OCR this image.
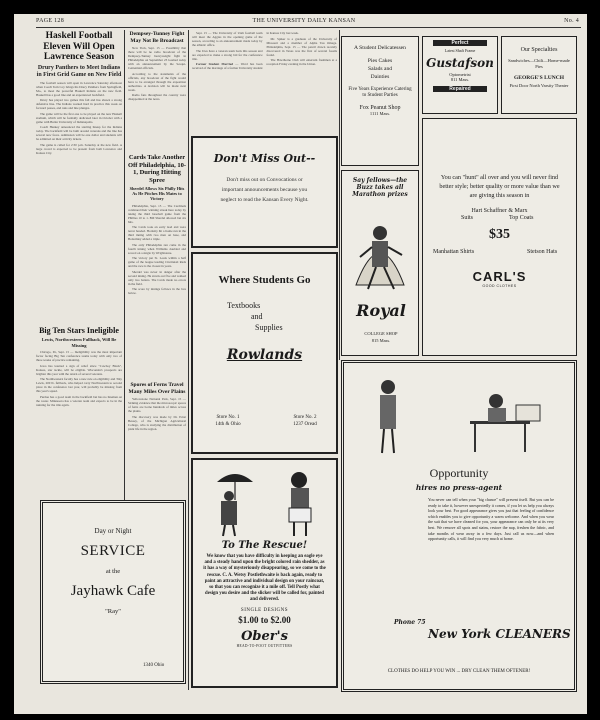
PAGE 128	THE UNIVERSITY DAILY KANSAN	No. 4
Haskell Football Eleven Will Open Lawrence Season
Drury Panthers to Meet Indians in First Grid Game on New Field

The football season will open in Lawrence Saturday afternoon when Coach Tom Coy brings his Drury Panthers from Springfield, Mo., to meet the powerful Haskell Indians on the new field. Haskell has a good line and an experienced backfield.

Drury has played two games this fall and has shown a strong defensive line. The Indians worked hard in practice this week on forward passes, end runs and line plunges.

The game will be the first one to be played on the new Haskell stadium, which will be formally dedicated later in October with a game with Butler University of Indianapolis.

Coach Hankey announced the starting lineup for the Indians today. The backfield will be built around veterans and the line has several new faces. Admission will be one dollar and students will be admitted on their activity tickets.

The game is called for 2:30 p.m. Saturday at the new field. A large crowd is expected to be present from both Lawrence and Kansas City.

Big Ten Stars Ineligible
Lewis, Northwestern Fullback, Will Be Missing

Chicago, Ill., Sept. 15 — Ineligibility was the most important factor facing Big Ten conference teams today with only two of three weeks of practice remaining.

Iowa has learned a sign of relief since "Cowboy Black", Kansas, star tackle, will be eligible. Wisconsin's prospects are brighter this year with the return of several veterans.

The Northwestern faculty has a new rule on eligibility and Tiny Lewis, 200 lb. fullback, who helped carry Northwestern to second place in the conference last year, will probably be missing from this year's squad.

Purdue has a good team in the backfield but has no linemen on the roster. Minnesota has a veteran team and expects to be in the running for the title again.

Dempsey-Tunney Fight May Not Be Broadcast

New York, Sept. 15 — Possibility that there will be no radio broadcast of the Dempsey-Tunney heavyweight fight in Philadelphia on September 23 loomed today with an announcement by the Sesqui-Centennial officials.

According to the statements of the officials, any broadcast of the fight would have to be arranged through the exposition authorities. A decision will be made next week.

Radio fans throughout the country were disappointed at the news.

Cards Take Another Off Philadelphia, 10-1, During Hitting Spree
Sherdel Allows Six Philly Hits As He Pitches His Mates to Victory

Philadelphia, Sept. 15 — The Cardinals continued their winning streak here today by taking the third baseball game from the Phillies 10 to 1. Bill Sherdel allowed but six hits.

The Cards took an early lead and were never headed. Hornsby hit a home run in the third inning with two men on base, and Bottomley added a triple.

The only Philadelphia run came in the fourth inning when Williams doubled and scored on a single by Wrightstone.

The victory put St. Louis within a half game of the league leading Cincinnati Reds and the race is the closest in years.

Sherdel was never in danger after the second inning. He struck out five and walked only two batters. The Cards made no errors in the field.

The score by innings follows in the box below.

Spores of Ferns Travel Many Miles Over Plains

Yellowstone National Park, Sept. 15 — Striking evidence that the microscopic spores of ferns are borne hundreds of miles across the plains.

The discovery was made by Dr. Ernst Bessey, of the Michigan Agricultural College, who is studying the distribution of plant life in the region.

Sept. 15 — The University of Utah football team will meet the Aggies in the opening game of the season, according to an announcement made today by the athletic office.

The Utes have a veteran team back this season and are expected to make a strong bid for the conference title.

Former Student Married — Word has been received of the marriage of a former University student in Kansas City last week.

Mr. Spiker is a graduate of the University of Missouri and a member of Alpha Tau Omega. Philadelphia, Sept. 15 — The pencil drawn recently discovered in Texas was the first of several fossils found.

The Hawthorne Club will entertain freshmen at a reception Friday evening in the Union.

Don't Miss Out--
Don't miss out on Convocations or important announcements because you neglect to read the Kansan Every Night.
Where Students Go
Textbooks
and
Supplies
Rowlands
Store No. 1
14th & Ohio
Store No. 2
1237 Oread
To The Rescue!
We know that you have difficulty in keeping an eagle eye and a steady hand upon the bright colored rain shedder, as it has a way of mysteriously disappearing, so we come to the rescue. C. A. Wetsy Postlethwaite is back again, ready to paint an attractive and individual design on your raincoat, so that you can recognize it a mile off. Tell Postly what design you desire and the slicker will be called for, painted and delivered.
SINGLE DESIGNS
$1.00 to $2.00
Ober's
HEAD-TO-FOOT OUTFITTERS
A Student Delicatessen
Pies Cakes Salads and Dainties
Five Years Experience Catering to Student Parties
Fox Peanut Shop
1111 Mass.
Perfect
Latest Shaft Frame
Gustafson
Optometrist
811 Mass.
Repaired
Our Specialties
Sandwiches—Chili—Home-made Pies
GEORGE'S LUNCH
First Door North Varsity Theater
Say fellows—the Buzz takes all Marathon prizes
Royal
COLLEGE SHOP
815 Mass.
You can "hunt" all over and you will never find better style; better quality or more value than we are giving this season in
Hart Schaffner & Marx
Suits	Top Coats
$35
Manhattan Shirts	Stetson Hats
CARL'S
GOOD CLOTHES
Opportunity
hires no press-agent
You never can tell when your "big chance" will present itself. But you can be ready to take it, however unexpectedly it comes, if you let us help you always look your best. For good appearance gives you just that feeling of confidence which enables you to give opportunity a warm welcome. And when you wear the suit that we have cleaned for you, your appearance can only be at its very best. We remove all spots and stains, restore the nap, freshen the fabric, and take months of wear away in a few days. Just call us now—and when opportunity calls, it will find you very much at home.
Phone 75
New York CLEANERS
CLOTHES DO HELP YOU WIN ... DRY CLEAN THEM OFTENER!
Day or Night
SERVICE
at the
Jayhawk Cafe
"Ray"
1340 Ohio
